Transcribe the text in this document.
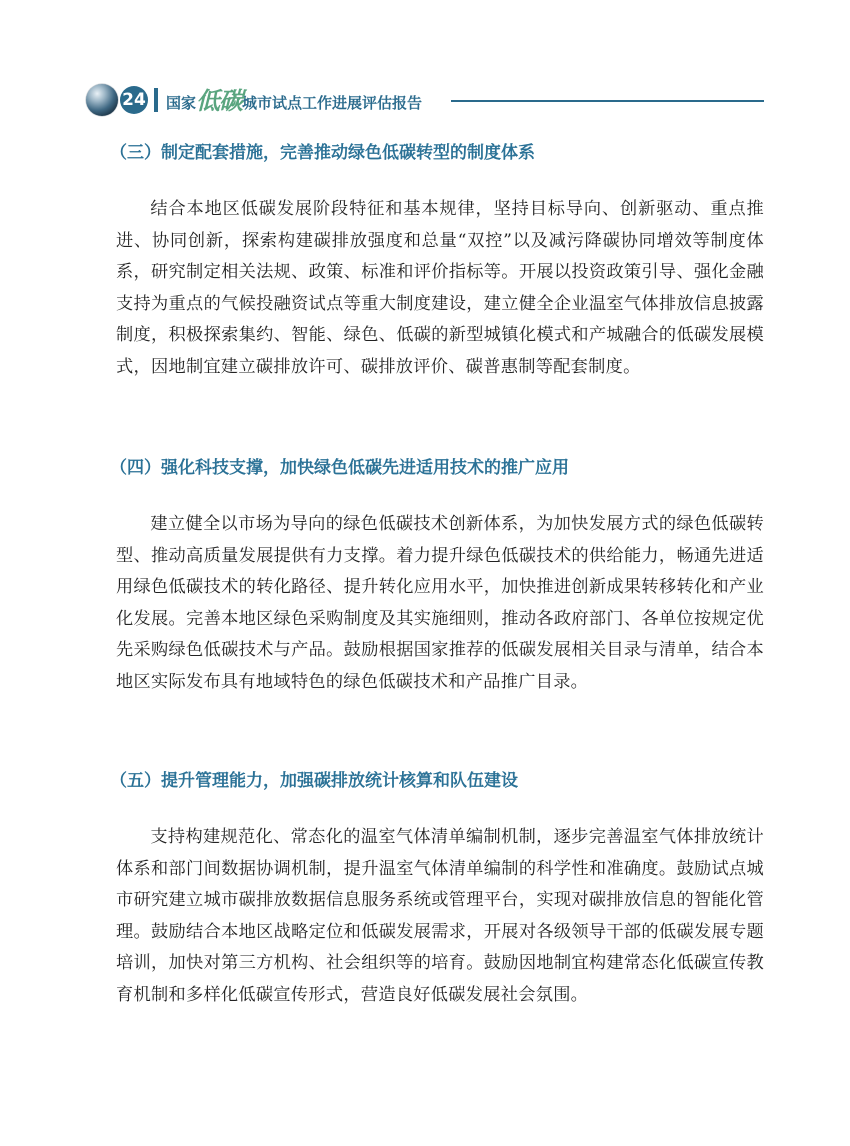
24 国家低碳城市试点工作进展评估报告
（三）制定配套措施，完善推动绿色低碳转型的制度体系

结合本地区低碳发展阶段特征和基本规律，坚持目标导向、创新驱动、重点推进、协同创新，探索构建碳排放强度和总量“双控”以及减污降碳协同增效等制度体系，研究制定相关法规、政策、标准和评价指标等。开展以投资政策引导、强化金融支持为重点的气候投融资试点等重大制度建设，建立健全企业温室气体排放信息披露制度，积极探索集约、智能、绿色、低碳的新型城镇化模式和产城融合的低碳发展模式，因地制宜建立碳排放许可、碳排放评价、碳普惠制等配套制度。

（四）强化科技支撑，加快绿色低碳先进适用技术的推广应用

建立健全以市场为导向的绿色低碳技术创新体系，为加快发展方式的绿色低碳转型、推动高质量发展提供有力支撑。着力提升绿色低碳技术的供给能力，畅通先进适用绿色低碳技术的转化路径、提升转化应用水平，加快推进创新成果转移转化和产业化发展。完善本地区绿色采购制度及其实施细则，推动各政府部门、各单位按规定优先采购绿色低碳技术与产品。鼓励根据国家推荐的低碳发展相关目录与清单，结合本地区实际发布具有地域特色的绿色低碳技术和产品推广目录。

（五）提升管理能力，加强碳排放统计核算和队伍建设

支持构建规范化、常态化的温室气体清单编制机制，逐步完善温室气体排放统计体系和部门间数据协调机制，提升温室气体清单编制的科学性和准确度。鼓励试点城市研究建立城市碳排放数据信息服务系统或管理平台，实现对碳排放信息的智能化管理。鼓励结合本地区战略定位和低碳发展需求，开展对各级领导干部的低碳发展专题培训，加快对第三方机构、社会组织等的培育。鼓励因地制宜构建常态化低碳宣传教育机制和多样化低碳宣传形式，营造良好低碳发展社会氛围。
